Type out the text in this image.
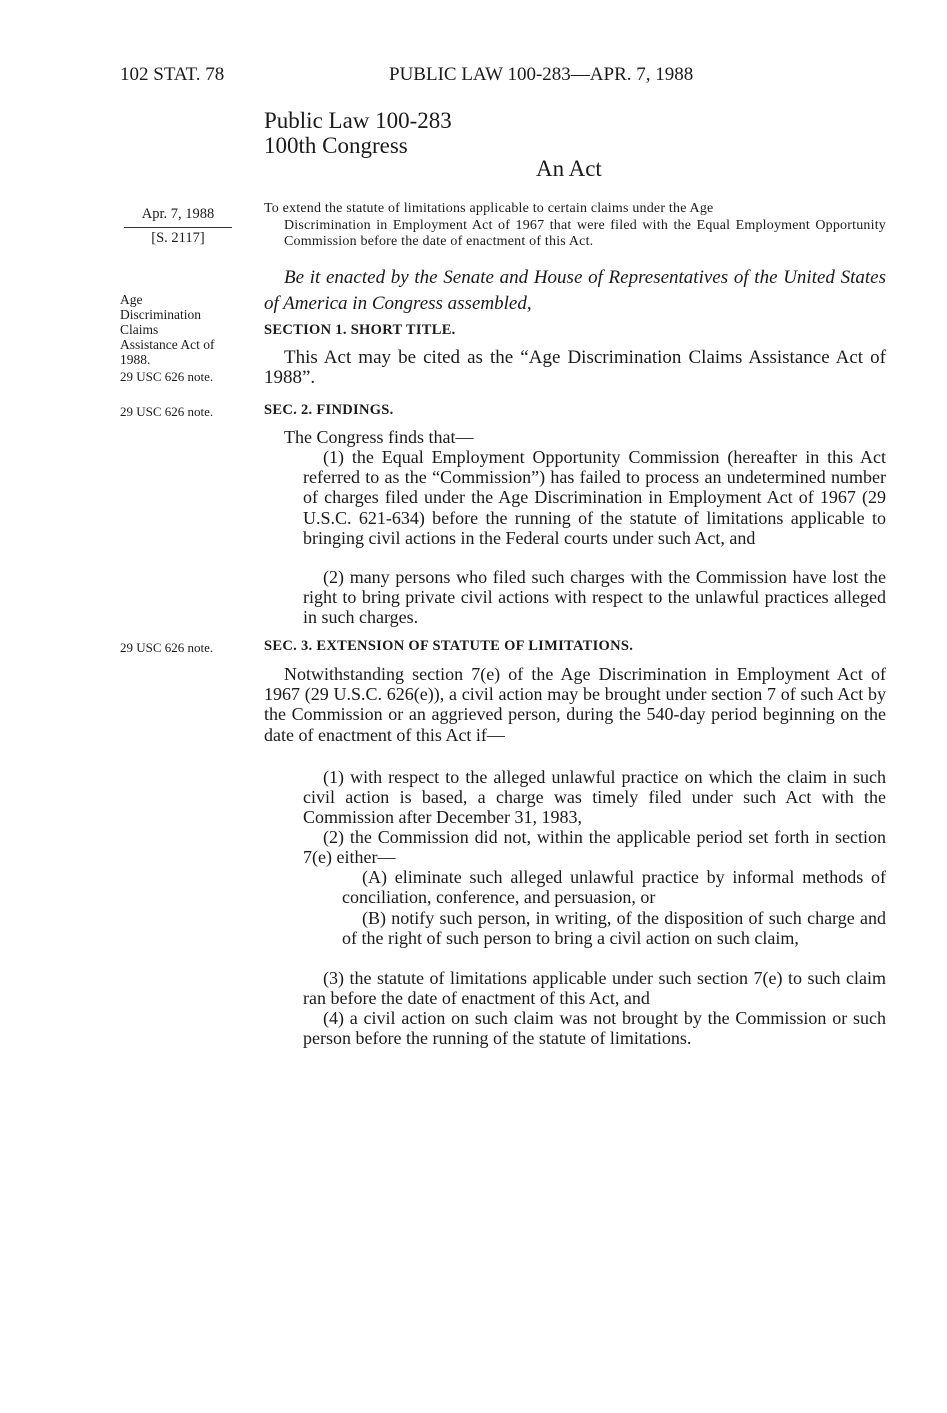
102 STAT. 78	PUBLIC LAW 100-283—APR. 7, 1988
Public Law 100-283
100th Congress
An Act
Apr. 7, 1988
[S. 2117]
To extend the statute of limitations applicable to certain claims under the Age
Discrimination in Employment Act of 1967 that were filed with the Equal Employment Opportunity Commission before the date of enactment of this Act.
Be it enacted by the Senate and House of Representatives of the United States of America in Congress assembled,
Age
Discrimination
Claims
Assistance Act of
1988.
29 USC 626 note.
SECTION 1. SHORT TITLE.
This Act may be cited as the “Age Discrimination Claims Assistance Act of 1988”.
29 USC 626 note.	SEC. 2. FINDINGS.
The Congress finds that—
(1) the Equal Employment Opportunity Commission (hereafter in this Act referred to as the “Commission”) has failed to process an undetermined number of charges filed under the Age Discrimination in Employment Act of 1967 (29 U.S.C. 621-634) before the running of the statute of limitations applicable to bringing civil actions in the Federal courts under such Act, and
(2) many persons who filed such charges with the Commission have lost the right to bring private civil actions with respect to the unlawful practices alleged in such charges.
29 USC 626 note.	SEC. 3. EXTENSION OF STATUTE OF LIMITATIONS.
Notwithstanding section 7(e) of the Age Discrimination in Employment Act of 1967 (29 U.S.C. 626(e)), a civil action may be brought under section 7 of such Act by the Commission or an aggrieved person, during the 540-day period beginning on the date of enactment of this Act if—
(1) with respect to the alleged unlawful practice on which the claim in such civil action is based, a charge was timely filed under such Act with the Commission after December 31, 1983,
(2) the Commission did not, within the applicable period set forth in section 7(e) either—
(A) eliminate such alleged unlawful practice by informal methods of conciliation, conference, and persuasion, or
(B) notify such person, in writing, of the disposition of such charge and of the right of such person to bring a civil action on such claim,
(3) the statute of limitations applicable under such section 7(e) to such claim ran before the date of enactment of this Act, and
(4) a civil action on such claim was not brought by the Commission or such person before the running of the statute of limitations.
